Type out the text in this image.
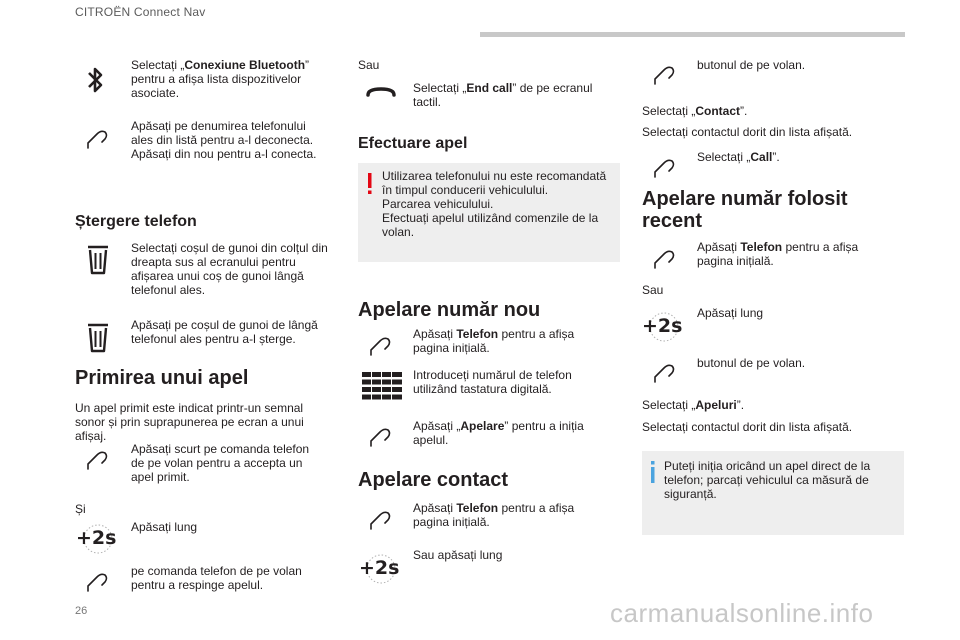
CITROËN Connect Nav
Selectați „Conexiune Bluetooth” pentru a afișa lista dispozitivelor asociate.
Apăsați pe denumirea telefonului ales din listă pentru a-l deconecta. Apăsați din nou pentru a-l conecta.
Ștergere telefon
Selectați coșul de gunoi din colțul din dreapta sus al ecranului pentru afișarea unui coș de gunoi lângă telefonul ales.
Apăsați pe coșul de gunoi de lângă telefonul ales pentru a-l șterge.
Primirea unui apel
Un apel primit este indicat printr-un semnal sonor și prin suprapunerea pe ecran a unui afișaj.
Apăsați scurt pe comanda telefon de pe volan pentru a accepta un apel primit.
Și
+2s Apăsați lung
pe comanda telefon de pe volan pentru a respinge apelul.
Sau
Selectați „End call” de pe ecranul tactil.
Efectuare apel
Utilizarea telefonului nu este recomandată în timpul conducerii vehiculului.
Parcarea vehiculului.
Efectuați apelul utilizând comenzile de la volan.
Apelare număr nou
Apăsați Telefon pentru a afișa pagina inițială.
Introduceți numărul de telefon utilizând tastatura digitală.
Apăsați „Apelare” pentru a iniția apelul.
Apelare contact
Apăsați Telefon pentru a afișa pagina inițială.
+2s
Sau apăsați lung
butonul de pe volan.
Selectați „Contact”.
Selectați contactul dorit din lista afișată.
Selectați „Call”.
Apelare număr folosit recent
Apăsați Telefon pentru a afișa pagina inițială.
Sau
+2s
Apăsați lung
butonul de pe volan.
Selectați „Apeluri”.
Selectați contactul dorit din lista afișată.
Puteți iniția oricând un apel direct de la telefon; parcați vehiculul ca măsură de siguranță.
26	carmanualsonline.info
